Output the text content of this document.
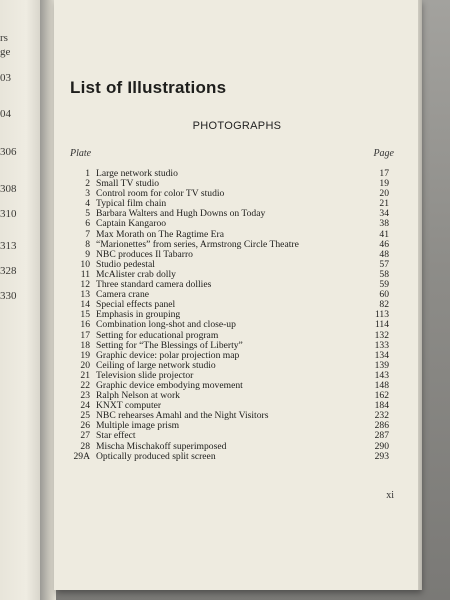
rs
ge
03
04
306
308
310
313
328
330
List of Illustrations
PHOTOGRAPHS
Plate	Page
1 Large network studio	17
2 Small TV studio	19
3 Control room for color TV studio	20
4 Typical film chain	21
5 Barbara Walters and Hugh Downs on Today	34
6 Captain Kangaroo	38
7 Max Morath on The Ragtime Era	41
8 “Marionettes” from series, Armstrong Circle Theatre	46
9 NBC produces Il Tabarro	48
10 Studio pedestal	57
11 McAlister crab dolly	58
12 Three standard camera dollies	59
13 Camera crane	60
14 Special effects panel	82
15 Emphasis in grouping	113
16 Combination long-shot and close-up	114
17 Setting for educational program	132
18 Setting for “The Blessings of Liberty”	133
19 Graphic device: polar projection map	134
20 Ceiling of large network studio	139
21 Television slide projector	143
22 Graphic device embodying movement	148
23 Ralph Nelson at work	162
24 KNXT computer	184
25 NBC rehearses Amahl and the Night Visitors	232
26 Multiple image prism	286
27 Star effect	287
28 Mischa Mischakoff superimposed	290
29A Optically produced split screen	293
xi
